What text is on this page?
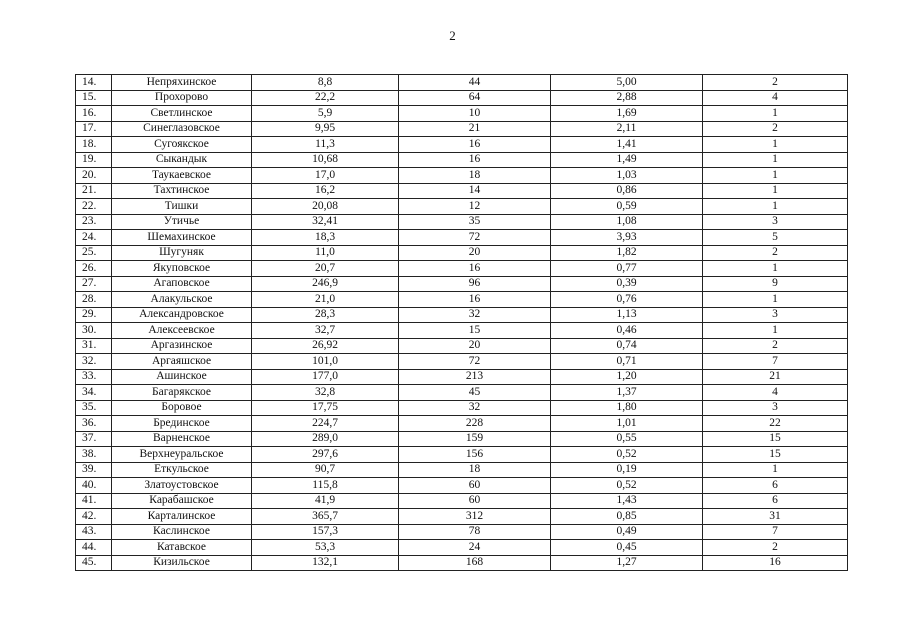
2
14.	Непряхинское	8,8	44	5,00	2
15.	Прохорово	22,2	64	2,88	4
16.	Светлинское	5,9	10	1,69	1
17.	Синеглазовское	9,95	21	2,11	2
18.	Сугоякское	11,3	16	1,41	1
19.	Сыкандык	10,68	16	1,49	1
20.	Таукаевское	17,0	18	1,03	1
21.	Тахтинское	16,2	14	0,86	1
22.	Тишки	20,08	12	0,59	1
23.	Утичье	32,41	35	1,08	3
24.	Шемахинское	18,3	72	3,93	5
25.	Шугуняк	11,0	20	1,82	2
26.	Якуповское	20,7	16	0,77	1
27.	Агаповское	246,9	96	0,39	9
28.	Алакульское	21,0	16	0,76	1
29.	Александровское	28,3	32	1,13	3
30.	Алексеевское	32,7	15	0,46	1
31.	Аргазинское	26,92	20	0,74	2
32.	Аргаяшское	101,0	72	0,71	7
33.	Ашинское	177,0	213	1,20	21
34.	Багарякское	32,8	45	1,37	4
35.	Боровое	17,75	32	1,80	3
36.	Брединское	224,7	228	1,01	22
37.	Варненское	289,0	159	0,55	15
38.	Верхнеуральское	297,6	156	0,52	15
39.	Еткульское	90,7	18	0,19	1
40.	Златоустовское	115,8	60	0,52	6
41.	Карабашское	41,9	60	1,43	6
42.	Карталинское	365,7	312	0,85	31
43.	Каслинское	157,3	78	0,49	7
44.	Катавское	53,3	24	0,45	2
45.	Кизильское	132,1	168	1,27	16
